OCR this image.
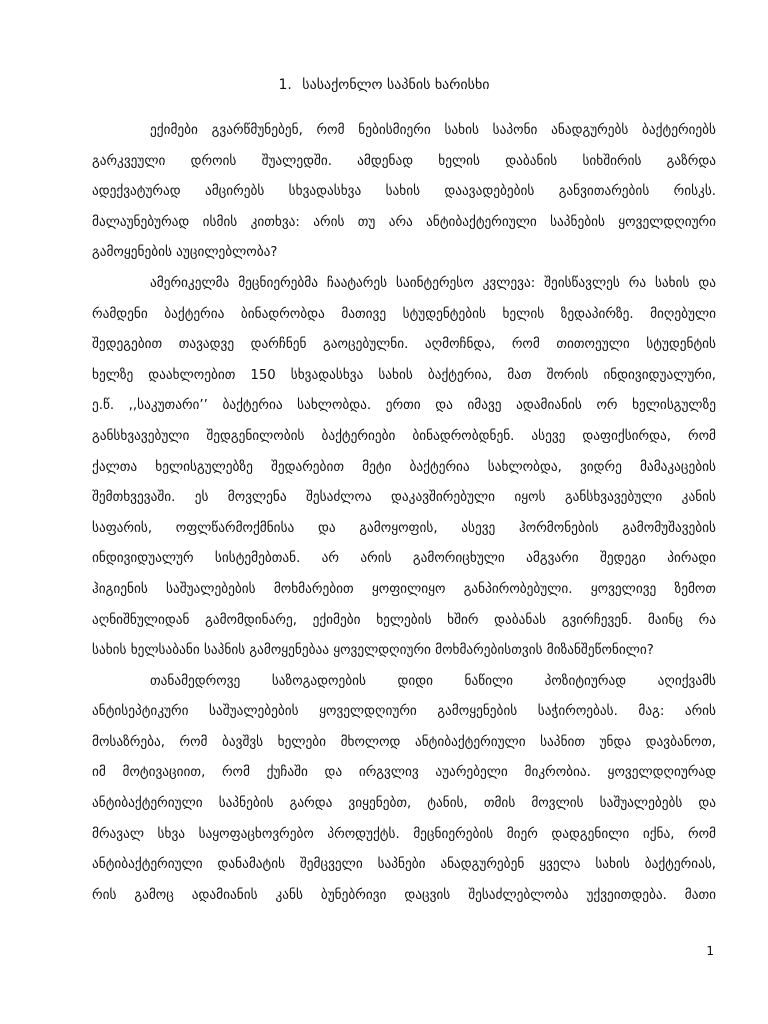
1. სასაქონლო საპნის ხარისხი
ექიმები გვარწმუნებენ, რომ ნებისმიერი სახის საპონი ანადგურებს ბაქტერიებს
გარკვეული დროის შუალედში. ამდენად ხელის დაბანის სიხშირის გაზრდა
ადექვატურად ამცირებს სხვადასხვა სახის დაავადებების განვითარების რისკს.
მალაუნებურად ისმის კითხვა: არის თუ არა ანტიბაქტერიული საპნების ყოველდღიური
გამოყენების აუცილებლობა?
ამერიკელმა მეცნიერებმა ჩაატარეს საინტერესო კვლევა: შეისწავლეს რა სახის და
რამდენი ბაქტერია ბინადრობდა მათივე სტუდენტების ხელის ზედაპირზე. მიღებული
შედეგებით თავადვე დარჩნენ გაოცებულნი. აღმოჩნდა, რომ თითოეული სტუდენტის
ხელზე დაახლოებით 150 სხვადასხვა სახის ბაქტერია, მათ შორის ინდივიდუალური,
ე.წ. ,,საკუთარი’’ ბაქტერია სახლობდა. ერთი და იმავე ადამიანის ორ ხელისგულზე
განსხვავებული შედგენილობის ბაქტერიები ბინადრობდნენ. ასევე დაფიქსირდა, რომ
ქალთა ხელისგულებზე შედარებით მეტი ბაქტერია სახლობდა, ვიდრე მამაკაცების
შემთხვევაში. ეს მოვლენა შესაძლოა დაკავშირებული იყოს განსხვავებული კანის
საფარის, ოფლწარმოქმნისა და გამოყოფის, ასევე ჰორმონების გამომუშავების
ინდივიდუალურ სისტემებთან. არ არის გამორიცხული ამგვარი შედეგი პირადი
ჰიგიენის საშუალებების მოხმარებით ყოფილიყო განპირობებული. ყოველივე ზემოთ
აღნიშნულიდან გამომდინარე, ექიმები ხელების ხშირ დაბანას გვირჩევენ. მაინც რა
სახის ხელსაბანი საპნის გამოყენებაა ყოველდღიური მოხმარებისთვის მიზანშეწონილი?
თანამედროვე საზოგადოების დიდი ნაწილი პოზიტიურად აღიქვამს
ანტისეპტიკური საშუალებების ყოველდღიური გამოყენების საჭიროებას. მაგ: არის
მოსაზრება, რომ ბავშვს ხელები მხოლოდ ანტიბაქტერიული საპნით უნდა დავბანოთ,
იმ მოტივაციით, რომ ქუჩაში და ირგვლივ აუარებელი მიკრობია. ყოველდღიურად
ანტიბაქტერიული საპნების გარდა ვიყენებთ, ტანის, თმის მოვლის საშუალებებს და
მრავალ სხვა საყოფაცხოვრებო პროდუქტს. მეცნიერების მიერ დადგენილი იქნა, რომ
ანტიბაქტერიული დანამატის შემცველი საპნები ანადგურებენ ყველა სახის ბაქტერიას,
რის გამოც ადამიანის კანს ბუნებრივი დაცვის შესაძლებლობა უქვეითდება. მათი
1
